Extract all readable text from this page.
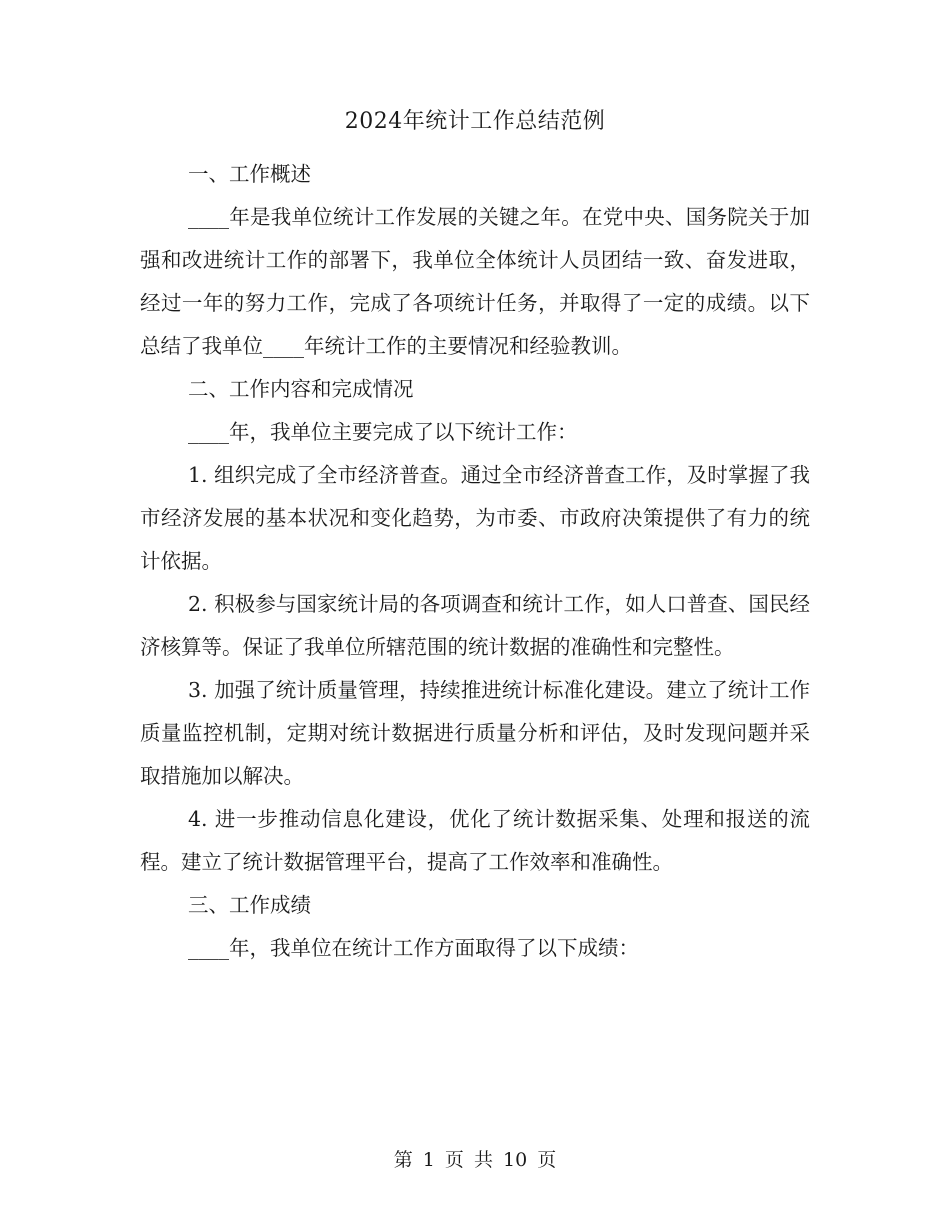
2024年统计工作总结范例

一、工作概述

____年是我单位统计工作发展的关键之年。在党中央、国务院关于加强和改进统计工作的部署下，我单位全体统计人员团结一致、奋发进取，经过一年的努力工作，完成了各项统计任务，并取得了一定的成绩。以下总结了我单位____年统计工作的主要情况和经验教训。

二、工作内容和完成情况

____年，我单位主要完成了以下统计工作：

1. 组织完成了全市经济普查。通过全市经济普查工作，及时掌握了我市经济发展的基本状况和变化趋势，为市委、市政府决策提供了有力的统计依据。

2. 积极参与国家统计局的各项调查和统计工作，如人口普查、国民经济核算等。保证了我单位所辖范围的统计数据的准确性和完整性。

3. 加强了统计质量管理，持续推进统计标准化建设。建立了统计工作质量监控机制，定期对统计数据进行质量分析和评估，及时发现问题并采取措施加以解决。

4. 进一步推动信息化建设，优化了统计数据采集、处理和报送的流程。建立了统计数据管理平台，提高了工作效率和准确性。

三、工作成绩

____年，我单位在统计工作方面取得了以下成绩：

第 1 页 共 10 页
